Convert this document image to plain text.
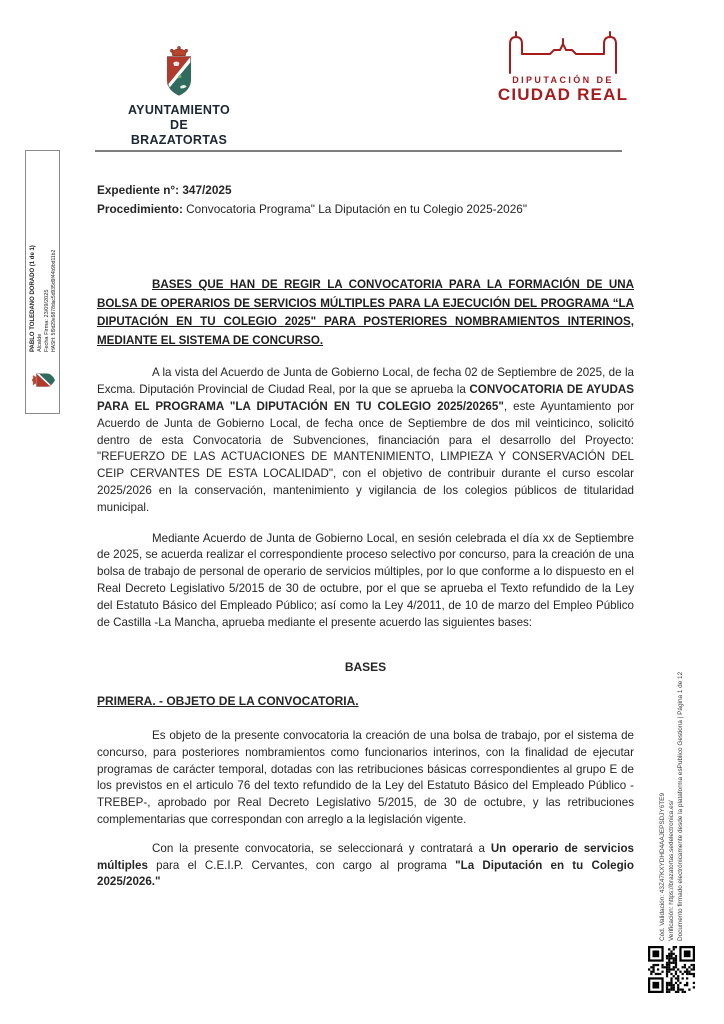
AYUNTAMIENTO
DE
BRAZATORTAS
DIPUTACIÓN DE
CIUDAD REAL
Expediente n°: 347/2025
Procedimiento: Convocatoria Programa" La Diputación en tu Colegio 2025-2026"

BASES QUE HAN DE REGIR LA CONVOCATORIA PARA LA FORMACIÓN DE UNA BOLSA DE OPERARIOS DE SERVICIOS MÚLTIPLES PARA LA EJECUCIÓN DEL PROGRAMA “LA DIPUTACIÓN EN TU COLEGIO 2025" PARA POSTERIORES NOMBRAMIENTOS INTERINOS, MEDIANTE EL SISTEMA DE CONCURSO.

A la vista del Acuerdo de Junta de Gobierno Local, de fecha 02 de Septiembre de 2025, de la Excma. Diputación Provincial de Ciudad Real, por la que se aprueba la CONVOCATORIA DE AYUDAS PARA EL PROGRAMA "LA DIPUTACIÓN EN TU COLEGIO 2025/20265", este Ayuntamiento por Acuerdo de Junta de Gobierno Local, de fecha once de Septiembre de dos mil veinticinco, solicitó dentro de esta Convocatoria de Subvenciones, financiación para el desarrollo del Proyecto: "REFUERZO DE LAS ACTUACIONES DE MANTENIMIENTO, LIMPIEZA Y CONSERVACIÓN DEL CEIP CERVANTES DE ESTA LOCALIDAD", con el objetivo de contribuir durante el curso escolar 2025/2026 en la conservación, mantenimiento y vigilancia de los colegios públicos de titularidad municipal.

Mediante Acuerdo de Junta de Gobierno Local, en sesión celebrada el día xx de Septiembre de 2025, se acuerda realizar el correspondiente proceso selectivo por concurso, para la creación de una bolsa de trabajo de personal de operario de servicios múltiples, por lo que conforme a lo dispuesto en el Real Decreto Legislativo 5/2015 de 30 de octubre, por el que se aprueba el Texto refundido de la Ley del Estatuto Básico del Empleado Público; así como la Ley 4/2011, de 10 de marzo del Empleo Público de Castilla -La Mancha, aprueba mediante el presente acuerdo las siguientes bases:

BASES

PRIMERA. - OBJETO DE LA CONVOCATORIA.

Es objeto de la presente convocatoria la creación de una bolsa de trabajo, por el sistema de concurso, para posteriores nombramientos como funcionarios interinos, con la finalidad de ejecutar programas de carácter temporal, dotadas con las retribuciones básicas correspondientes al grupo E de los previstos en el articulo 76 del texto refundido de la Ley del Estatuto Básico del Empleado Público -TREBEP-, aprobado por Real Decreto Legislativo 5/2015, de 30 de octubre, y las retribuciones complementarias que correspondan con arreglo a la legislación vigente.

Con la presente convocatoria, se seleccionará y contratará a Un operario de servicios múltiples para el C.E.I.P. Cervantes, con cargo al programa "La Diputación en tu Colegio 2025/2026."

PABLO TOLEDANO DORADO (1 de 1) Alcalde Fecha Firma: 23/09/2025 HASH: 5f9d29e9878dac5d935d9f44b9bd11b2
Cód. Validación: 43Z47KXYDHD4AAJEPSDJY6TE9 Verificación: https://brazatortas.sedelectronica.es/ Documento firmado electrónicamente desde la plataforma esPublico Gestiona | Página 1 de 12
